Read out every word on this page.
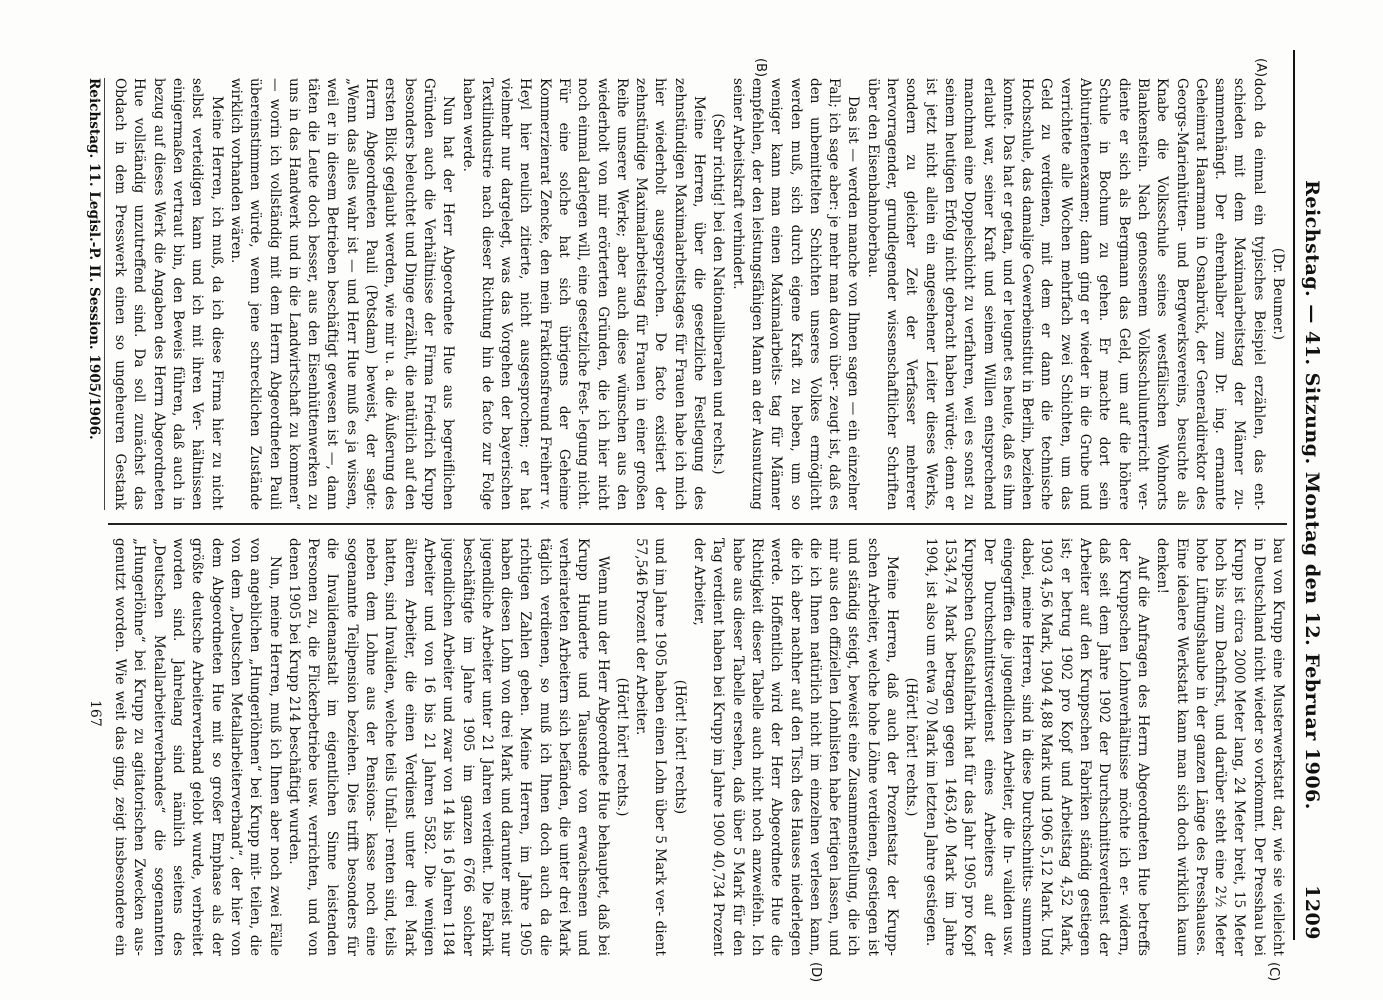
Reichstag. — 41. Sitzung. Montag den 12. Februar 1906.
1209
(A)
(B)
(C)
(D)

(Dr. Beumer.)

doch da einmal ein typisches Beispiel erzählen, das ent- schieden mit dem Maximalarbeitstag der Männer zu- sammenhängt. Der ehrenhalber zum Dr. ing. ernannte Geheimrat Haarmann in Osnabrück, der Generaldirektor des Georgs-Marienhütten- und Bergwerksvereins, besuchte als Knabe die Volksschule seines westfälischen Wohnorts Blankenstein. Nach genossenem Volksschulunterricht ver- diente er sich als Bergmann das Geld, um auf die höhere Schule in Bochum zu gehen. Er machte dort sein Abiturientenexamen; dann ging er wieder in die Grube und verrichtete alle Wochen mehrfach zwei Schichten, um das Geld zu verdienen, mit dem er dann die technische Hochschule, das damalige Gewerbeinstitut in Berlin, beziehen konnte. Das hat er getan, und er leugnet es heute, daß es ihm erlaubt war, seiner Kraft und seinem Willen entsprechend manchmal eine Doppelschicht zu verfahren, weil es sonst zu seinem heutigen Erfolg nicht gebracht haben würde; denn er ist jetzt nicht allein ein angesehener Leiter dieses Werks, sondern zu gleicher Zeit der Verfasser mehrerer hervorragender, grundlegender wissenschaftlicher Schriften über den Eisenbahnoberbau.

Das ist — werden manche von Ihnen sagen — ein einzelner Fall; ich sage aber: je mehr man davon über- zeugt ist, daß es den unbemittelten Schichten unseres Volkes ermöglicht werden muß, sich durch eigene Kraft zu heben, um so weniger kann man einen Maximalarbeits- tag für Männer empfehlen, der den leistungsfähigen Mann an der Ausnutzung seiner Arbeitskraft verhindert.

(Sehr richtig! bei den Nationalliberalen und rechts.)

Meine Herren, über die gesetzliche Festlegung des zehnstündigen Maximalarbeitstages für Frauen habe ich mich hier wiederholt ausgesprochen. De facto existiert der zehnstündige Maximalarbeitstag für Frauen in einer großen Reihe unserer Werke; aber auch diese wünschen aus den wiederholt von mir erörterten Gründen, die ich hier nicht noch einmal darlegen will, eine gesetzliche Fest- legung nicht. Für eine solche hat sich übrigens der Geheime Kommerzienrat Zencke, den mein Fraktionsfreund Freiherr v. Heyl hier neulich zitierte, nicht ausgesprochen; er hat vielmehr nur dargelegt, was das Vorgehen der bayerischen Textilindustrie nach dieser Richtung hin de facto zur Folge haben werde.

Nun hat der Herr Abgeordnete Hue aus begreiflichen Gründen auch die Verhältnisse der Firma Friedrich Krupp besonders beleuchtet und Dinge erzählt, die natürlich auf den ersten Blick geglaubt werden, wie mir u. a. die Äußerung des Herrn Abgeordneten Pauli (Potsdam) beweist, der sagte: „Wenn das alles wahr ist — und Herr Hue muß es ja wissen, weil er in diesem Betrieben beschäftigt gewesen ist —, dann täten die Leute doch besser, aus den Eisenhüttenwerken zu uns in das Handwerk und in die Landwirtschaft zu kommen“ — worin ich vollständig mit dem Herrn Abgeordneten Pauli übereinstimmen würde, wenn jene schrecklichen Zustände wirklich vorhanden wären.

Meine Herren, ich muß, da ich diese Firma hier zu nicht selbst verteidigen kann und ich mit ihren Ver- hältnissen einigermaßen vertraut bin, den Beweis führen, daß auch in bezug auf dieses Werk die Angaben des Herrn Abgeordneten Hue vollständig unzutreffend sind. Da soll zunächst das Obdach in dem Presswerk einen so ungeheuren Gestank

bau von Krupp eine Musterwerkstatt dar, wie sie vielleicht in Deutschland nicht wieder so vorkommt. Der Presshau bei Krupp ist circa 2000 Meter lang, 24 Meter breit, 15 Meter hoch bis zum Dachfirst, und darüber steht eine 2½ Meter hohe Lüftungshaube in der ganzen Länge des Presshauses. Eine idealere Werkstatt kann man sich doch wirklich kaum denken!

Auf die Anfragen des Herrn Abgeordneten Hue betreffs der Kruppschen Lohnverhältnisse möchte ich er- widern, daß seit dem Jahre 1902 der Durchschnittsverdienst der Arbeiter auf den Kruppschen Fabriken ständig gestiegen ist; er betrug 1902 pro Kopf und Arbeitstag 4,52 Mark, 1903 4,56 Mark, 1904 4,88 Mark und 1906 5,12 Mark. Und dabei, meine Herren, sind in diese Durchschnitts- summen eingegriffen die jugendlichen Arbeiter, die In- validen usw. Der Durchschnittsverdienst eines Arbeiters auf der Kruppschen Gußstahlfabrik hat für das Jahr 1905 pro Kopf 1534,74 Mark betragen gegen 1463,40 Mark im Jahre 1904, ist also um etwa 70 Mark im letzten Jahre gestiegen.

(Hört! hört! rechts.)

Meine Herren, daß auch der Prozentsatz der Krupp- schen Arbeiter, welche hohe Löhne verdienen, gestiegen ist und ständig steigt, beweist eine Zusammenstellung, die ich mir aus den offiziellen Lohnlisten habe fertigen lassen, und die ich Ihnen natürlich nicht im einzelnen verlesen kann, die ich aber nachher auf den Tisch des Hauses niederlegen werde. Hoffentlich wird der Herr Abgeordnete Hue die Richtigkeit dieser Tabelle auch nicht noch anzweifeln. Ich habe aus dieser Tabelle ersehen, daß über 5 Mark für den Tag verdient haben bei Krupp im Jahre 1900 40,734 Prozent der Arbeiter,

(Hört! hört! rechts)

und im Jahre 1905 haben einen Lohn über 5 Mark ver- dient 57,546 Prozent der Arbeiter.

(Hört! hört! rechts.)

Wenn nun der Herr Abgeordnete Hue behauptet, daß bei Krupp Hunderte und Tausende von erwachsenen und verheirateten Arbeitern sich befänden, die unter drei Mark täglich verdienen, so muß ich Ihnen doch auch da die richtigen Zahlen geben. Meine Herren, im Jahre 1905 haben diesen Lohn von drei Mark und darunter meist nur jugendliche Arbeiter unter 21 Jahren verdient. Die Fabrik beschäftigte im Jahre 1905 im ganzen 6766 solcher jugendlichen Arbeiter und zwar von 14 bis 16 Jahren 1184 Arbeiter und von 16 bis 21 Jahren 5582. Die wenigen älteren Arbeiter, die einen Verdienst unter drei Mark hatten, sind Invaliden, welche teils Unfall- renten sind, teils neben dem Lohne aus der Pensions- kasse noch eine sogenannte Teilpension beziehen. Dies trifft besonders für die Invalidenanstalt im eigentlichen Sinne leistenden Personen zu, die Flickerbetriebe usw. verrichten, und von denen 1905 bei Krupp 214 beschäftigt wurden.

Nun, meine Herren, muß ich Ihnen aber noch zwei Fälle von angeblichen „Hungerlöhnen“ bei Krupp mit- teilen, die von dem „Deutschen Metallarbeiterverband“, der hier von dem Abgeordneten Hue mit so großer Emphase als der größte deutsche Arbeiterverband gelobt wurde, verbreitet worden sind. Jahrelang sind nämlich seitens des „Deutschen Metallarbeiterverbandes“ die sogenannten „Hungerlöhne“ bei Krupp zu agitatorischen Zwecken aus- genutzt worden. Wie weit das ging, zeigt insbesondere ein

Reichstag. 11. Legisl.-P. II. Session. 1905/1906.
167
